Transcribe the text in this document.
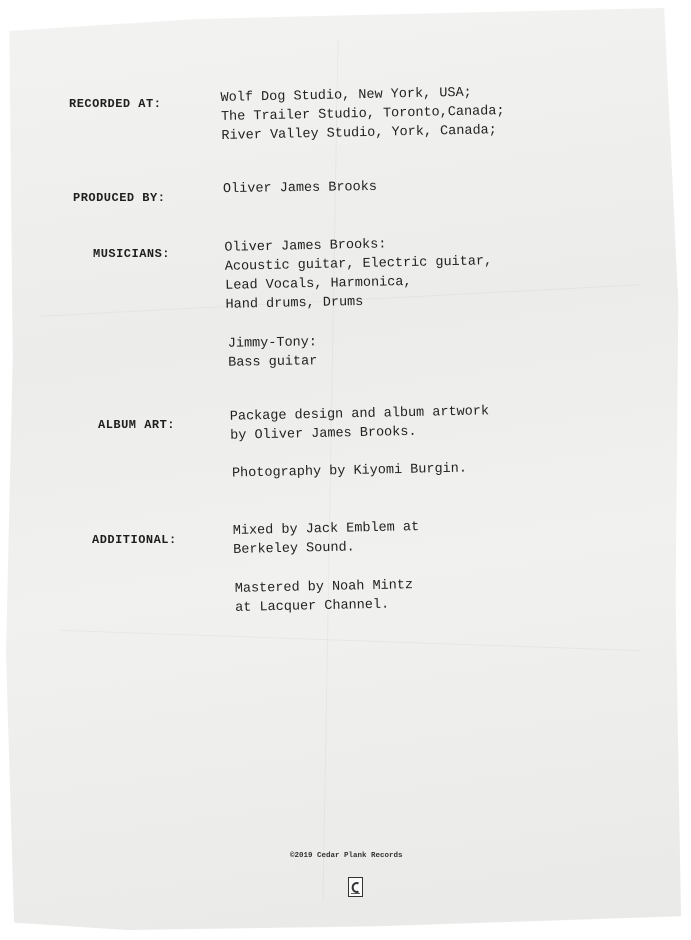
RECORDED AT:	Wolf Dog Studio, New York, USA;
The Trailer Studio, Toronto,Canada;
River Valley Studio, York, Canada;
PRODUCED BY:
Oliver James Brooks
MUSICIANS:	Oliver James Brooks:
Acoustic guitar, Electric guitar,
Lead Vocals, Harmonica,
Hand drums, Drums
Jimmy-Tony:
Bass guitar
ALBUM ART:
Package design and album artwork
by Oliver James Brooks.
Photography by Kiyomi Burgin.
ADDITIONAL:
Mixed by Jack Emblem at
Berkeley Sound.
Mastered by Noah Mintz
at Lacquer Channel.
©2019 Cedar Plank Records
